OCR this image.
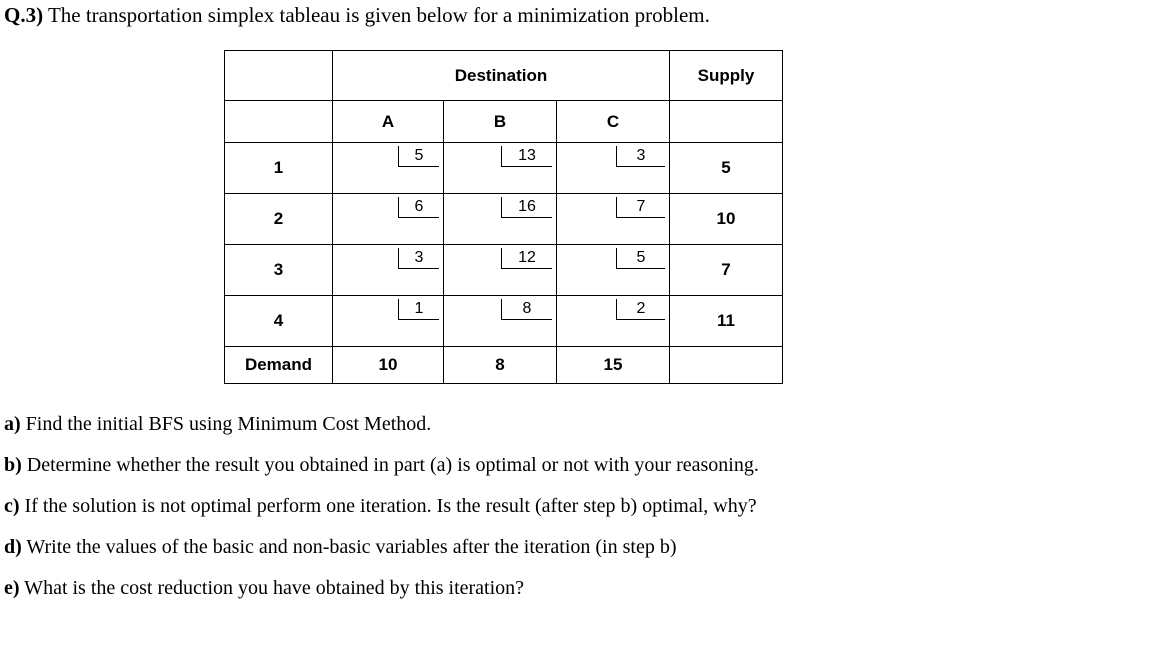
Q.3) The transportation simplex tableau is given below for a minimization problem.
	Destination			Supply
	A	B	C	
1	5	13	3	5
2	6	16	7	10
3	3	12	5	7
4	1	8	2	11
Demand	10	8	15	
a) Find the initial BFS using Minimum Cost Method.
b) Determine whether the result you obtained in part (a) is optimal or not with your reasoning.
c) If the solution is not optimal perform one iteration. Is the result (after step b) optimal, why?
d) Write the values of the basic and non-basic variables after the iteration (in step b)
e) What is the cost reduction you have obtained by this iteration?
